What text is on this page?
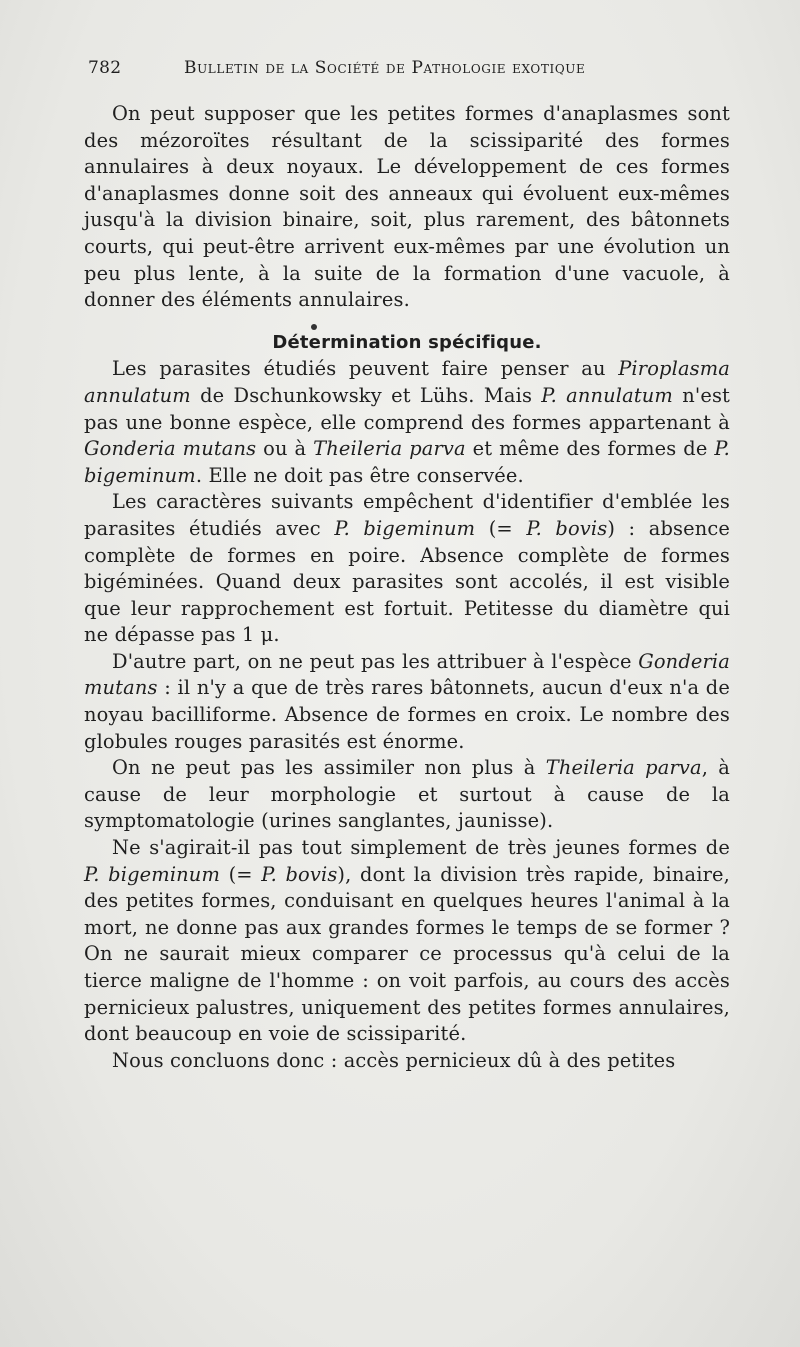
782	Bulletin de la Société de Pathologie exotique

On peut supposer que les petites formes d'anaplasmes sont des mézoroïtes résultant de la scissiparité des formes annulaires à deux noyaux. Le développement de ces formes d'anaplasmes donne soit des anneaux qui évoluent eux-mêmes jusqu'à la division binaire, soit, plus rarement, des bâtonnets courts, qui peut-être arrivent eux-mêmes par une évolution un peu plus lente, à la suite de la formation d'une vacuole, à donner des éléments annulaires.

Détermination spécifique.

Les parasites étudiés peuvent faire penser au Piroplasma annulatum de Dschunkowsky et Lühs. Mais P. annulatum n'est pas une bonne espèce, elle comprend des formes appartenant à Gonderia mutans ou à Theileria parva et même des formes de P. bigeminum. Elle ne doit pas être conservée.

Les caractères suivants empêchent d'identifier d'emblée les parasites étudiés avec P. bigeminum (= P. bovis) : absence complète de formes en poire. Absence complète de formes bigéminées. Quand deux parasites sont accolés, il est visible que leur rapprochement est fortuit. Petitesse du diamètre qui ne dépasse pas 1 μ.

D'autre part, on ne peut pas les attribuer à l'espèce Gonderia mutans : il n'y a que de très rares bâtonnets, aucun d'eux n'a de noyau bacilliforme. Absence de formes en croix. Le nombre des globules rouges parasités est énorme.

On ne peut pas les assimiler non plus à Theileria parva, à cause de leur morphologie et surtout à cause de la symptomatologie (urines sanglantes, jaunisse).

Ne s'agirait-il pas tout simplement de très jeunes formes de P. bigeminum (= P. bovis), dont la division très rapide, binaire, des petites formes, conduisant en quelques heures l'animal à la mort, ne donne pas aux grandes formes le temps de se former ? On ne saurait mieux comparer ce processus qu'à celui de la tierce maligne de l'homme : on voit parfois, au cours des accès pernicieux palustres, uniquement des petites formes annulaires, dont beaucoup en voie de scissiparité.

Nous concluons donc : accès pernicieux dû à des petites
